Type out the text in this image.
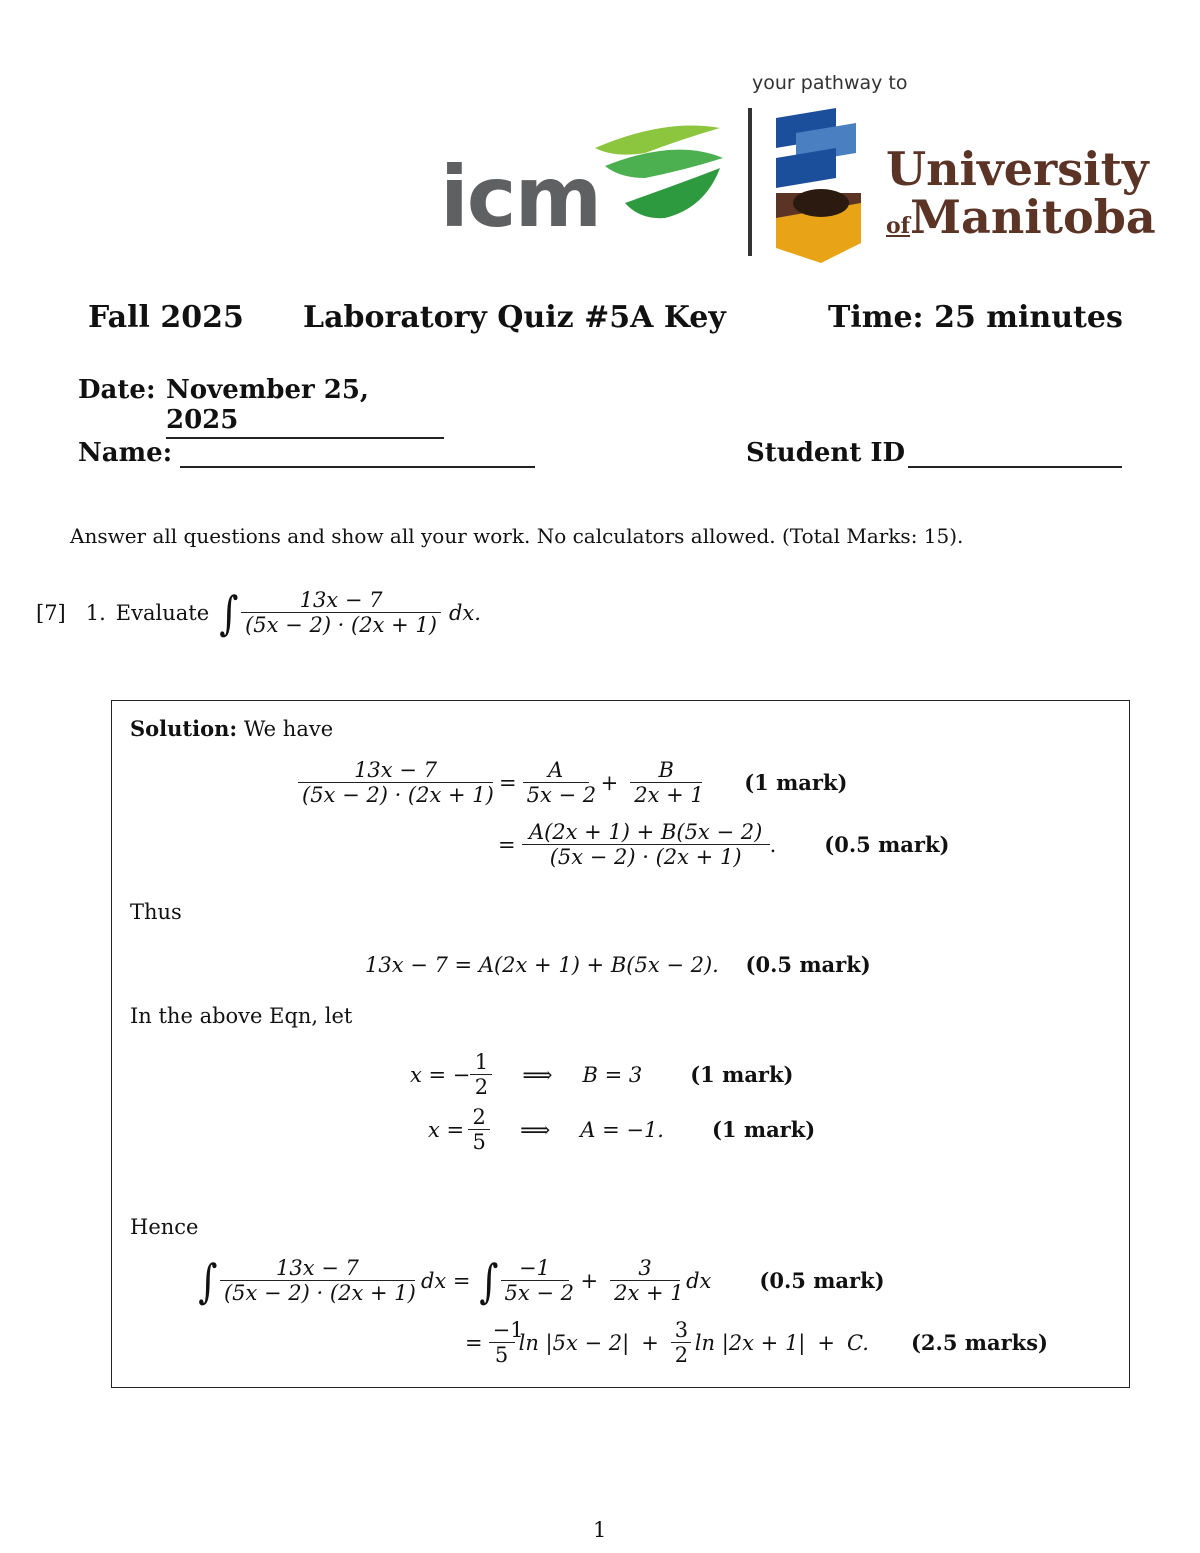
icm
your pathway to
University
ofManitoba
Fall 2025 Laboratory Quiz #5A Key	Time: 25 minutes
Date: November 25, 2025
Name:	Student ID
Answer all questions and show all your work. No calculators allowed. (Total Marks: 15).
[7] 1. Evaluate ∫ $\frac{13x - 7}{(5x - 2) \cdot (2x + 1)}$ dx.
Solution: We have
$\frac{13x - 7}{(5x - 2) \cdot (2x + 1)} = \frac{A}{5x - 2} + \frac{B}{2x + 1} (1$ mark)
= $\frac{A(2x + 1) + B(5x - 2)}{(5x - 2) \cdot (2x + 1)}$ . (0.5 mark)
Thus
13x − 7 = A(2x + 1) + B(5x − 2). (0.5 mark)
In the above Eqn, let
x = − $\frac{1}{2}$ ⟹ B = 3 (1 mark)
$x = \frac{2}{5}$ ⟹ A = −1. (1 mark)
Hence
∫ $\frac{13x - 7}{(5x - 2) \cdot (2x + 1)}$ dx = ∫ $\frac{-1}{5x - 2} + \frac{3}{2x + 1}$ dx (0.5 mark)
= $\frac{-1}{5}$ $\ln |5x - 2| + \frac{3}{2}$ ln |2x + 1| + C. (2.5 marks)
1
